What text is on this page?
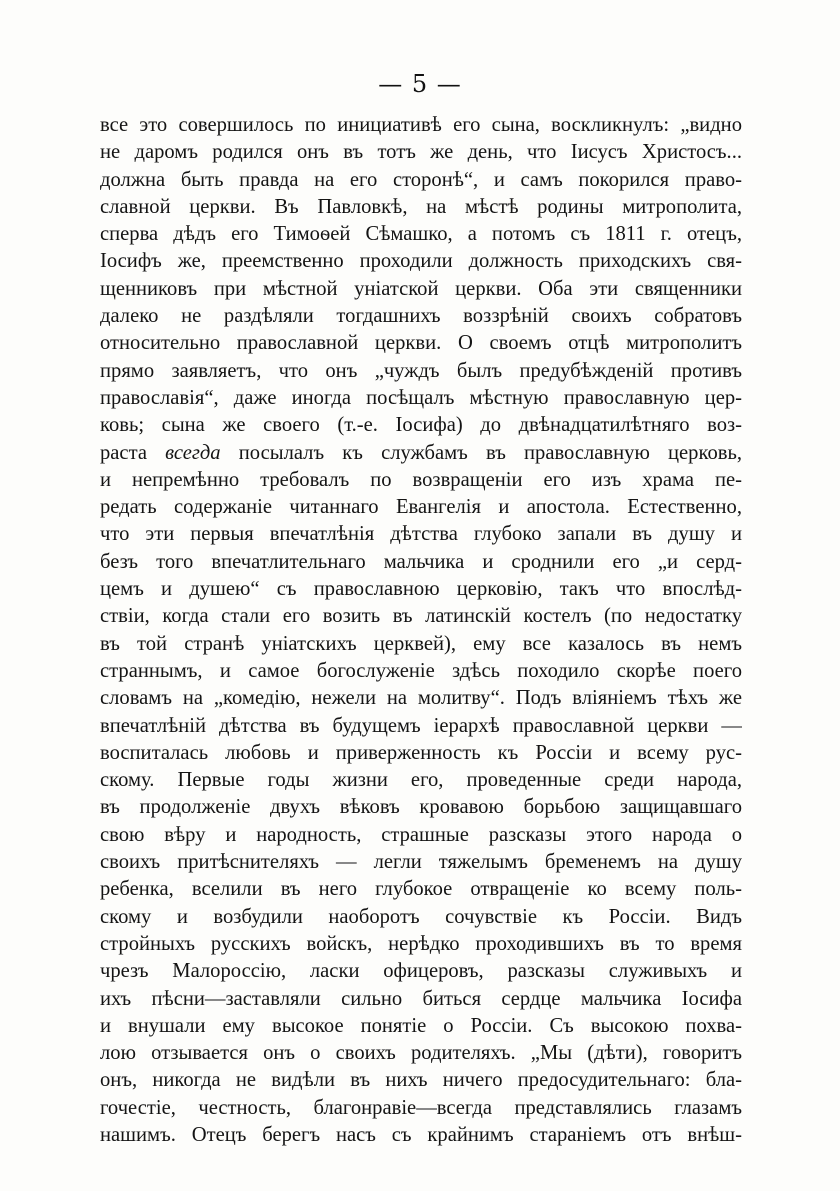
— 5 —
все это совершилось по инициативѣ его сына, воскликнулъ: „видно
не даромъ родился онъ въ тотъ же день, что Іисусъ Христосъ...
должна быть правда на его сторонѣ“, и самъ покорился право-
славной церкви. Въ Павловкѣ, на мѣстѣ родины митрополита,
сперва дѣдъ его Тимоѳей Сѣмашко, а потомъ съ 1811 г. отецъ,
Іосифъ же, преемственно проходили должность приходскихъ свя-
щенниковъ при мѣстной уніатской церкви. Оба эти священники
далеко не раздѣляли тогдашнихъ воззрѣній своихъ собратовъ
относительно православной церкви. О своемъ отцѣ митрополитъ
прямо заявляетъ, что онъ „чуждъ былъ предубѣжденій противъ
православія“, даже иногда посѣщалъ мѣстную православную цер-
ковь; сына же своего (т.-е. Іосифа) до двѣнадцатилѣтняго воз-
раста всегда посылалъ къ службамъ въ православную церковь,
и непремѣнно требовалъ по возвращеніи его изъ храма пе-
редать содержаніе читаннаго Евангелія и апостола. Естественно,
что эти первыя впечатлѣнія дѣтства глубоко запали въ душу и
безъ того впечатлительнаго мальчика и сроднили его „и серд-
цемъ и душею“ съ православною церковію, такъ что впослѣд-
ствіи, когда стали его возить въ латинскій костелъ (по недостатку
въ той странѣ уніатскихъ церквей), ему все казалось въ немъ
страннымъ, и самое богослуженіе здѣсь походило скорѣе поего
словамъ на „комедію, нежели на молитву“. Подъ вліяніемъ тѣхъ же
впечатлѣній дѣтства въ будущемъ іерархѣ православной церкви —
воспиталась любовь и приверженность къ Россіи и всему рус-
скому. Первые годы жизни его, проведенные среди народа,
въ продолженіе двухъ вѣковъ кровавою борьбою защищавшаго
свою вѣру и народность, страшные разсказы этого народа о
своихъ притѣснителяхъ — легли тяжелымъ бременемъ на душу
ребенка, вселили въ него глубокое отвращеніе ко всему поль-
скому и возбудили наоборотъ сочувствіе къ Россіи. Видъ
стройныхъ русскихъ войскъ, нерѣдко проходившихъ въ то время
чрезъ Малороссію, ласки офицеровъ, разсказы служивыхъ и
ихъ пѣсни—заставляли сильно биться сердце мальчика Іосифа
и внушали ему высокое понятіе о Россіи. Съ высокою похва-
лою отзывается онъ о своихъ родителяхъ. „Мы (дѣти), говоритъ
онъ, никогда не видѣли въ нихъ ничего предосудительнаго: бла-
гочестіе, честность, благонравіе—всегда представлялись глазамъ
нашимъ. Отецъ берегъ насъ съ крайнимъ стараніемъ отъ внѣш-
